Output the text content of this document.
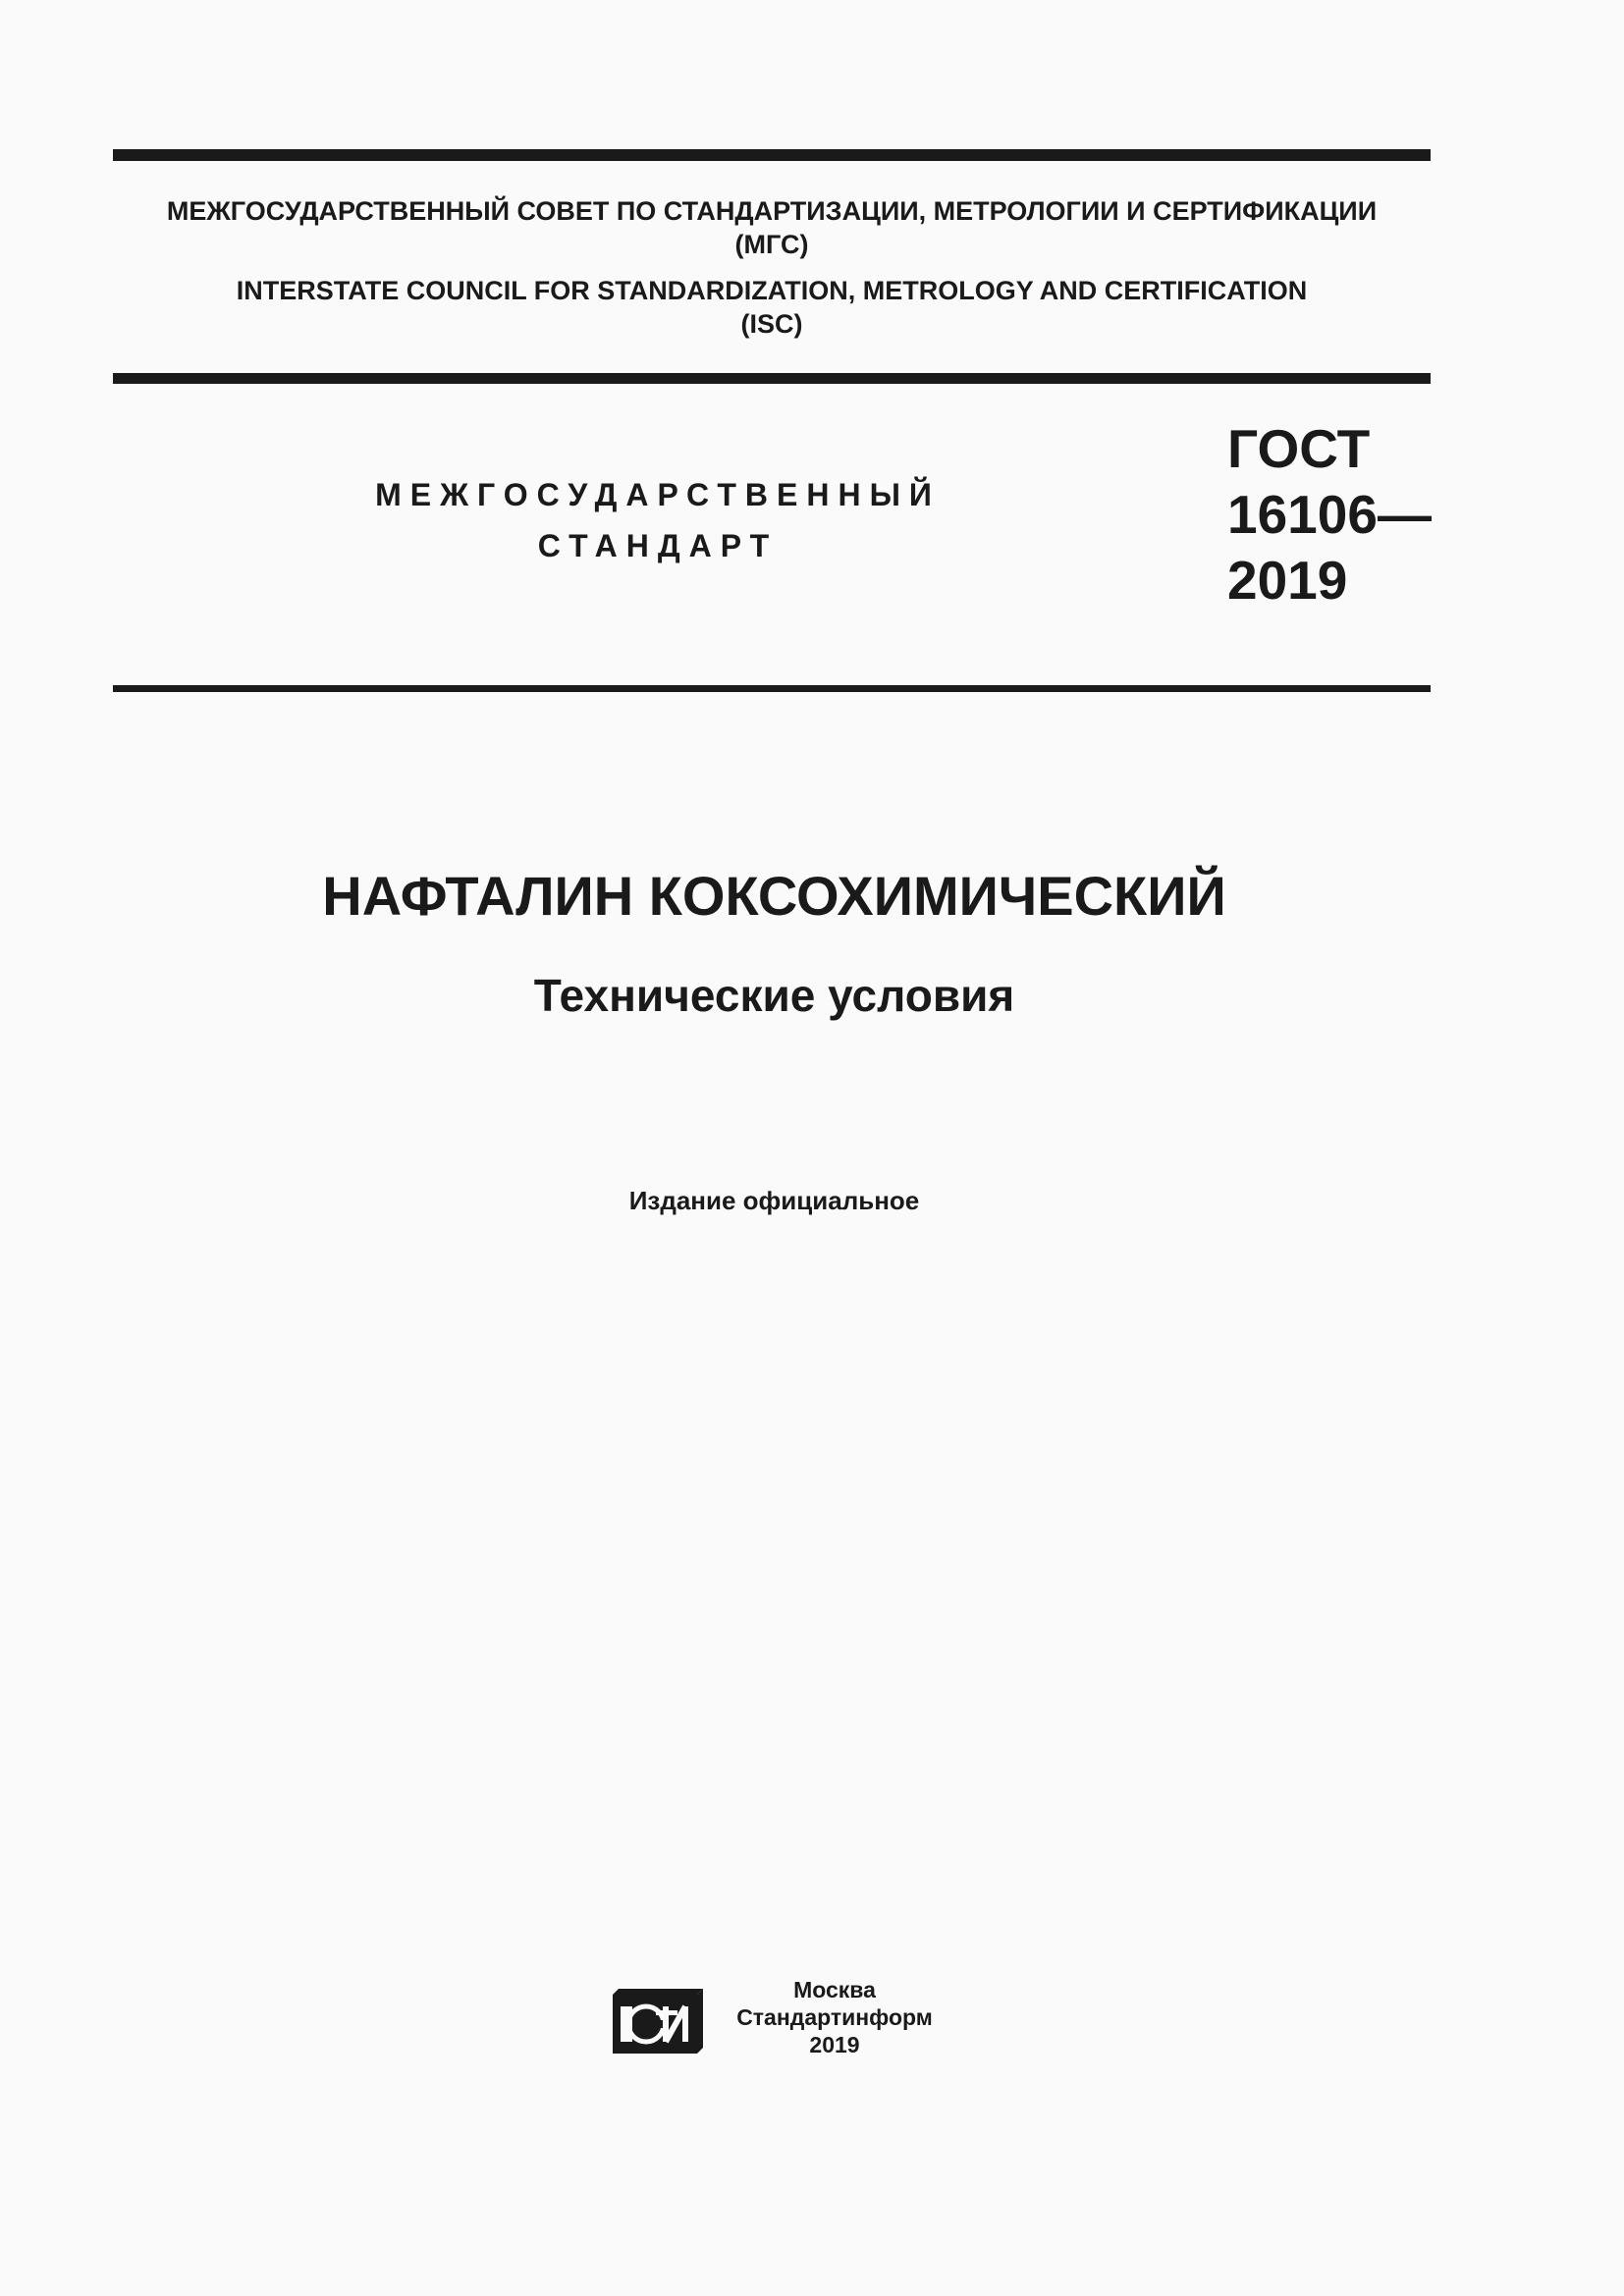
МЕЖГОСУДАРСТВЕННЫЙ СОВЕТ ПО СТАНДАРТИЗАЦИИ, МЕТРОЛОГИИ И СЕРТИФИКАЦИИ
(МГС)
INTERSTATE COUNCIL FOR STANDARDIZATION, METROLOGY AND CERTIFICATION
(ISC)
МЕЖГОСУДАРСТВЕННЫЙ
СТАНДАРТ
ГОСТ
16106—
2019
НАФТАЛИН КОКСОХИМИЧЕСКИЙ
Технические условия
Издание официальное
Москва
Стандартинформ
2019
